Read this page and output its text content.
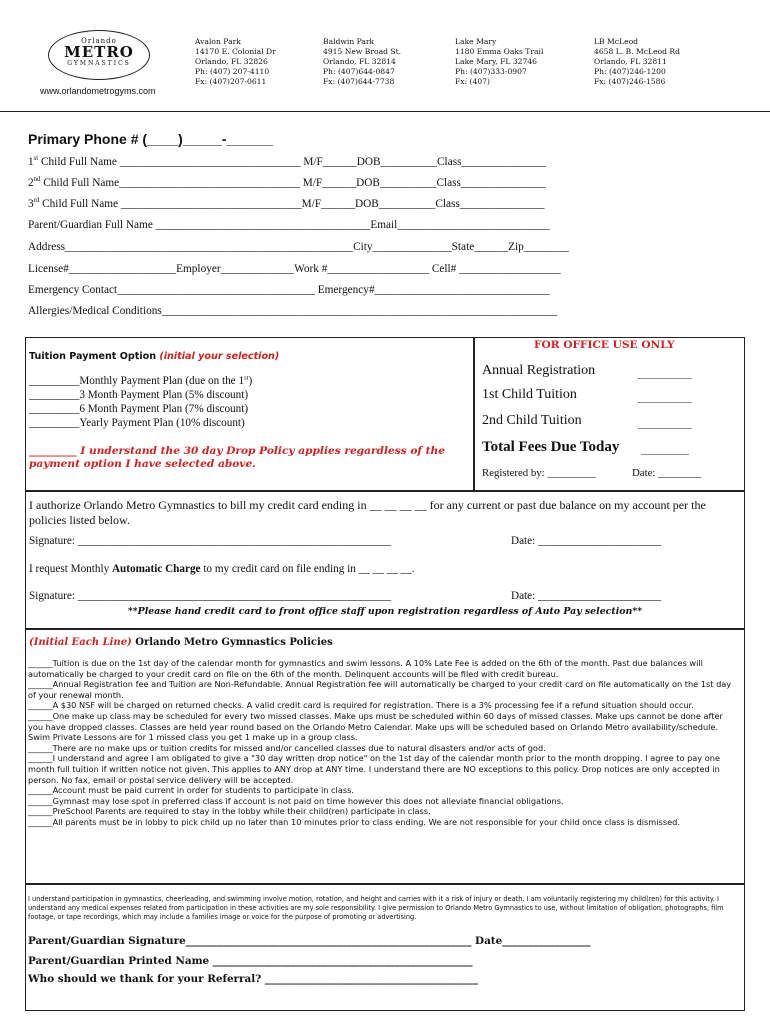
Orlando
METRO
GYMNASTICS
www.orlandometrogyms.com
Avalon Park
14170 E. Colonial Dr
Orlando, FL 32826
Ph: (407) 207-4110
Fx: (407)207-0611
Baldwin Park
4915 New Broad St.
Orlando, FL 32814
Ph: (407)644-0847
Fx: (407)644-7738
Lake Mary
1180 Emma Oaks Trail
Lake Mary, FL 32746
Ph: (407)333-0907
Fx: (407)
LB McLeod
4658 L. B. McLeod Rd
Orlando, FL 32811
Ph: (407)246-1200
Fx: (407)246-1586
Primary Phone # (____)_____-______
1st Child Full Name ________________________________ M/F______DOB__________Class_______________
2nd Child Full Name________________________________ M/F______DOB__________Class_______________
3rd Child Full Name ________________________________M/F______DOB__________Class_______________
Parent/Guardian Full Name ______________________________________Email___________________________
Address___________________________________________________City______________State______Zip________
License#___________________Employer_____________Work #__________________ Cell# __________________
Emergency Contact___________________________________ Emergency#_______________________________
Allergies/Medical Conditions______________________________________________________________________
Tuition Payment Option (initial your selection)
_________Monthly Payment Plan (due on the 1st)
_________3 Month Payment Plan (5% discount)
_________6 Month Payment Plan (7% discount)
_________Yearly Payment Plan (10% discount)
_________ I understand the 30 day Drop Policy applies regardless of the payment option I have selected above.
FOR OFFICE USE ONLY
Annual Registration	_________
1st Child Tuition	_________
2nd Child Tuition	_________
Total Fees Due Today ________
Registered by: _________	Date: ________
I authorize Orlando Metro Gymnastics to bill my credit card ending in __ __ __ __ for any current or past due balance on my account per the policies listed below.
Signature: ________________________________________________________	Date: ______________________
I request Monthly Automatic Charge to my credit card on file ending in __ __ __ __.
Signature: ________________________________________________________	Date: ______________________
**Please hand credit card to front office staff upon registration regardless of Auto Pay selection**
(Initial Each Line) Orlando Metro Gymnastics Policies

______Tuition is due on the 1st day of the calendar month for gymnastics and swim lessons. A 10% Late Fee is added on the 6th of the month. Past due balances will automatically be charged to your credit card on file on the 6th of the month. Delinquent accounts will be filed with credit bureau.

______Annual Registration fee and Tuition are Non-Refundable. Annual Registration fee will automatically be charged to your credit card on file automatically on the 1st day of your renewal month.

______A $30 NSF will be charged on returned checks. A valid credit card is required for registration. There is a 3% processing fee if a refund situation should occur.

______One make up class may be scheduled for every two missed classes. Make ups must be scheduled within 60 days of missed classes. Make ups cannot be done after you have dropped classes. Classes are held year round based on the Orlando Metro Calendar. Make ups will be scheduled based on Orlando Metro availability/schedule. Swim Private Lessons are for 1 missed class you get 1 make up in a group class.

______There are no make ups or tuition credits for missed and/or cancelled classes due to natural disasters and/or acts of god.

______I understand and agree I am obligated to give a "30 day written drop notice" on the 1st day of the calendar month prior to the month dropping. I agree to pay one month full tuition if written notice not given. This applies to ANY drop at ANY time. I understand there are NO exceptions to this policy. Drop notices are only accepted in person. No fax, email or postal service delivery will be accepted.

______Account must be paid current in order for students to participate in class.

______Gymnast may lose spot in preferred class if account is not paid on time however this does not alleviate financial obligations.

______PreSchool Parents are required to stay in the lobby while their child(ren) participate in class.

______All parents must be in lobby to pick child up no later than 10 minutes prior to class ending. We are not responsible for your child once class is dismissed.

I understand participation in gymnastics, cheerleading, and swimming involve motion, rotation, and height and carries with it a risk of injury or death. I am voluntarily registering my child(ren) for this activity. I understand any medical expenses related from participation in these activities are my sole responsibility. I give permission to Orlando Metro Gymnastics to use, without limitation of obligation, photographs, film footage, or tape recordings, which may include a families image or voice for the purpose of promoting or advertising.
Parent/Guardian Signature_______________________________________________________ Date_________________
Parent/Guardian Printed Name __________________________________________________
Who should we thank for your Referral? _________________________________________
